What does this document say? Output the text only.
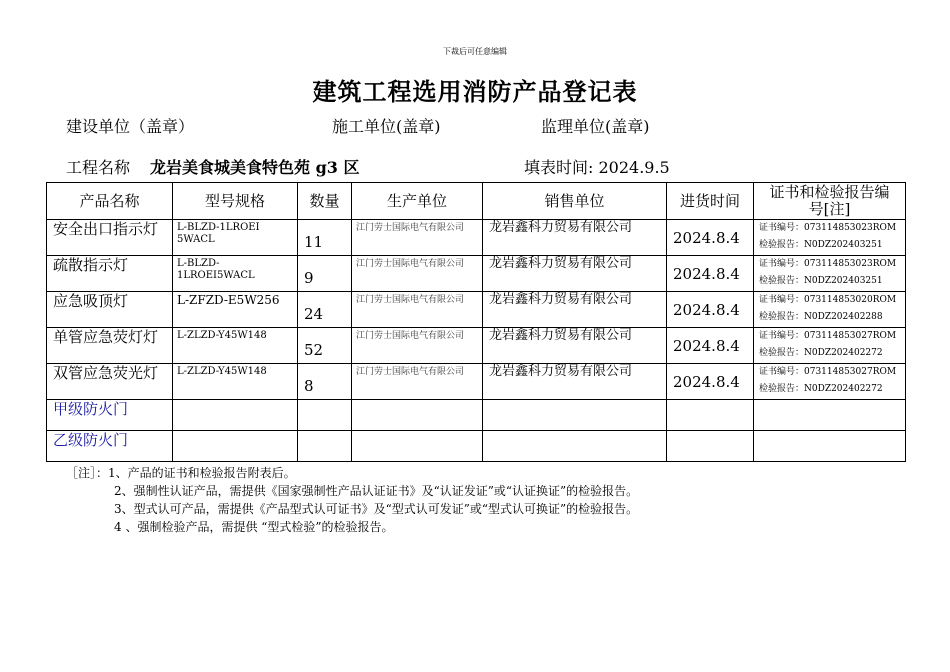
下裁后可任意编辑
建筑工程选用消防产品登记表
建设单位（盖章）	施工单位(盖章)	监理单位(盖章)
工程名称 龙岩美食城美食特色苑 g3 区	填表时间: 2024.9.5
产品名称	型号规格	数量	生产单位	销售单位	进货时间	证书和检验报告编号[注]
安全出口指示灯	L-BLZD-1LROEI 5WACL	11	江门劳士国际电气有限公司	龙岩鑫科力贸易有限公司	2024.8.4	证书编号：073114853023ROM
检验报告：N0DZ202403251

疏散指示灯	L-BLZD-1LROEI5WACL	9	江门劳士国际电气有限公司	龙岩鑫科力贸易有限公司	2024.8.4	证书编号：073114853023ROM
检验报告：N0DZ202403251

应急吸顶灯	L-ZFZD-E5W256	24	江门劳士国际电气有限公司	龙岩鑫科力贸易有限公司	2024.8.4	证书编号：073114853020ROM
检验报告：N0DZ202402288

单管应急荧灯灯	L-ZLZD-Y45W148	52	江门劳士国际电气有限公司	龙岩鑫科力贸易有限公司	2024.8.4	证书编号：073114853027ROM
检验报告：N0DZ202402272

双管应急荧光灯	L-ZLZD-Y45W148	8	江门劳士国际电气有限公司	龙岩鑫科力贸易有限公司	2024.8.4	证书编号：073114853027ROM
检验报告：N0DZ202402272

甲级防火门						
乙级防火门						
［注］：1、产品的证书和检验报告附表后。
2、强制性认证产品，需提供《国家强制性产品认证证书》及“认证发证”或“认证换证”的检验报告。
3、型式认可产品，需提供《产品型式认可证书》及“型式认可发证”或“型式认可换证”的检验报告。
4 、强制检验产品，需提供 “型式检验”的检验报告。
